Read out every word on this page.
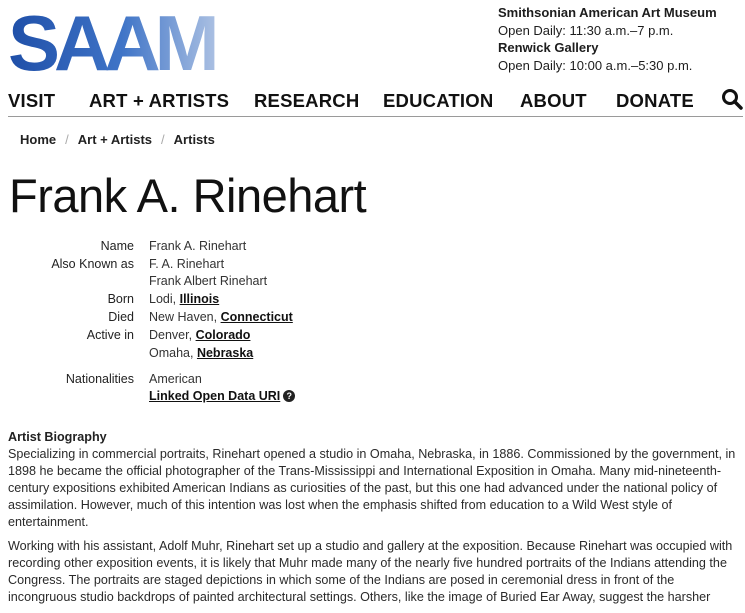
SAAM	Smithsonian American Art Museum
Open Daily: 11:30 a.m.–7 p.m.
Renwick Gallery
Open Daily: 10:00 a.m.–5:30 p.m.
VISIT ART + ARTISTS RESEARCH EDUCATION ABOUT DONATE
Home / Art + Artists / Artists
Frank A. Rinehart
Name Frank A. Rinehart
Also Known as F. A. Rinehart
Frank Albert Rinehart
Born Lodi, Illinois
Died New Haven, Connecticut
Active in Denver, Colorado
Omaha, Nebraska
Nationalities American
Linked Open Data URI ?
Artist Biography

Specializing in commercial portraits, Rinehart opened a studio in Omaha, Nebraska, in 1886. Commissioned by the government, in 1898 he became the official photographer of the Trans-Mississippi and International Exposition in Omaha. Many mid-nineteenth-century expositions exhibited American Indians as curiosities of the past, but this one had advanced under the national policy of assimilation. However, much of this intention was lost when the emphasis shifted from education to a Wild West style of entertainment.

Working with his assistant, Adolf Muhr, Rinehart set up a studio and gallery at the exposition. Because Rinehart was occupied with recording other exposition events, it is likely that Muhr made many of the nearly five hundred portraits of the Indians attending the Congress. The portraits are staged depictions in which some of the Indians are posed in ceremonial dress in front of the incongruous studio backdrops of painted architectural settings. Others, like the image of Buried Ear Away, suggest the harsher
